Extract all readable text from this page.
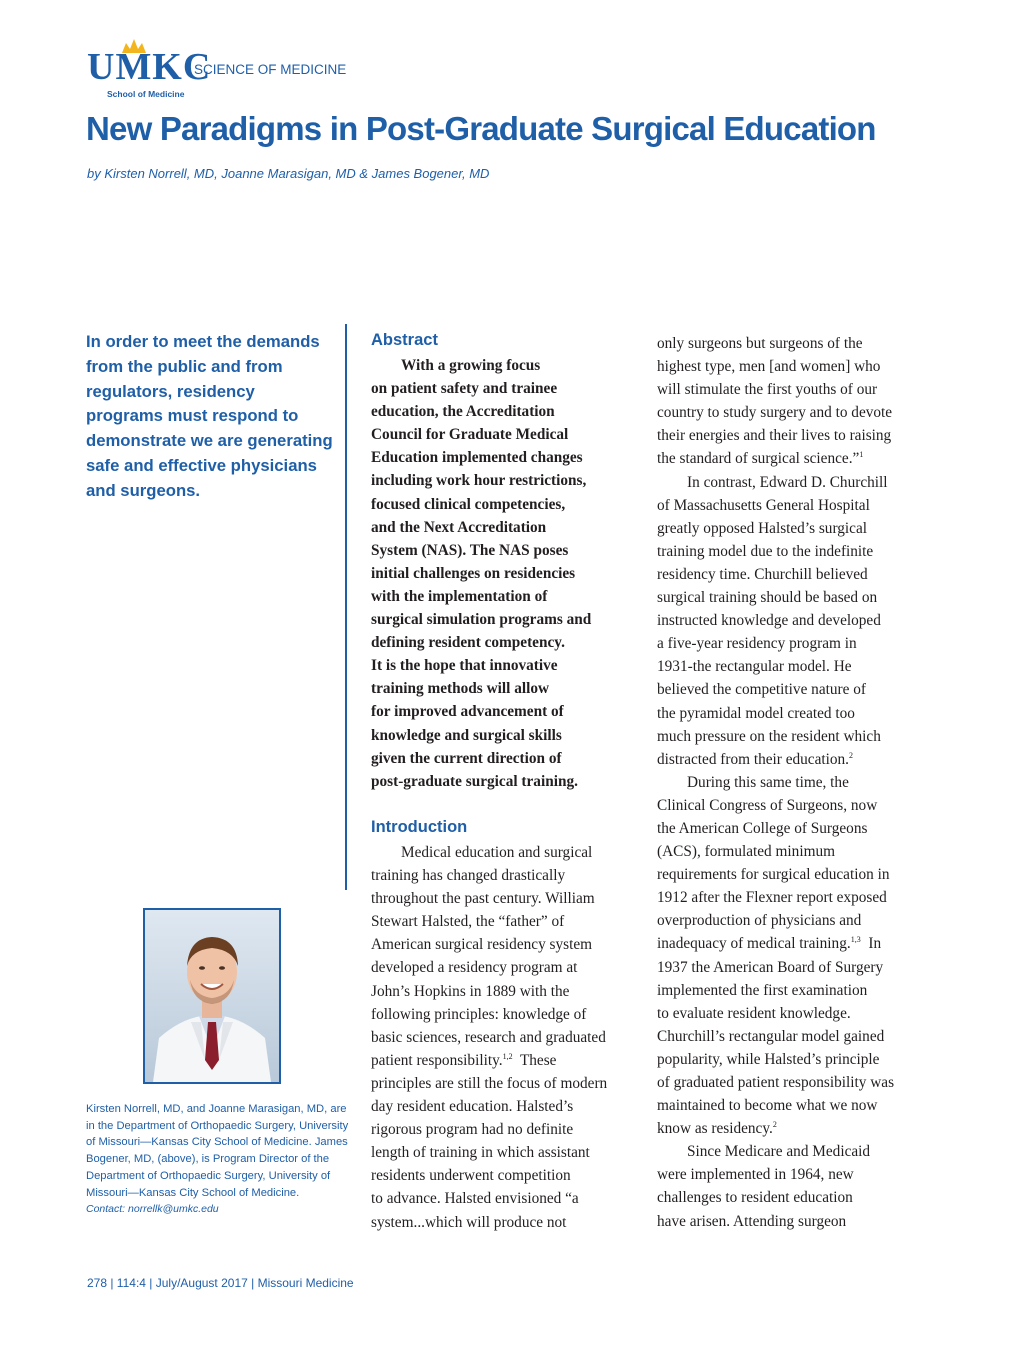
UMKC
School of Medicine
SCIENCE OF MEDICINE
New Paradigms in Post-Graduate Surgical Education
by Kirsten Norrell, MD, Joanne Marasigan, MD & James Bogener, MD
In order to meet the demands from the public and from regulators, residency programs must respond to demonstrate we are generating safe and effective physicians and surgeons.
Kirsten Norrell, MD, and Joanne Marasigan, MD, are in the Department of Orthopaedic Surgery, University of Missouri—Kansas City School of Medicine. James Bogener, MD, (above), is Program Director of the Department of Orthopaedic Surgery, University of Missouri—Kansas City School of Medicine.
Contact: norrellk@umkc.edu
Abstract
With a growing focus
on patient safety and trainee
education, the Accreditation
Council for Graduate Medical
Education implemented changes
including work hour restrictions,
focused clinical competencies,
and the Next Accreditation
System (NAS). The NAS poses
initial challenges on residencies
with the implementation of
surgical simulation programs and
defining resident competency.
It is the hope that innovative
training methods will allow
for improved advancement of
knowledge and surgical skills
given the current direction of
post-graduate surgical training.
Introduction
Medical education and surgical
training has changed drastically
throughout the past century. William
Stewart Halsted, the “father” of
American surgical residency system
developed a residency program at
John’s Hopkins in 1889 with the
following principles: knowledge of
basic sciences, research and graduated
patient responsibility.$^{1,2}$ These
principles are still the focus of modern
day resident education. Halsted’s
rigorous program had no definite
length of training in which assistant
residents underwent competition
to advance. Halsted envisioned “a
system...which will produce not
only surgeons but surgeons of the
highest type, men [and women] who
will stimulate the first youths of our
country to study surgery and to devote
their energies and their lives to raising
the standard of surgical science.”$^1$
In contrast, Edward D. Churchill
of Massachusetts General Hospital
greatly opposed Halsted’s surgical
training model due to the indefinite
residency time. Churchill believed
surgical training should be based on
instructed knowledge and developed
a five-year residency program in
1931-the rectangular model. He
believed the competitive nature of
the pyramidal model created too
much pressure on the resident which
distracted from their education.$^2$
During this same time, the
Clinical Congress of Surgeons, now
the American College of Surgeons
(ACS), formulated minimum
requirements for surgical education in
1912 after the Flexner report exposed
overproduction of physicians and
inadequacy of medical training.$^{1,3}$ In
1937 the American Board of Surgery
implemented the first examination
to evaluate resident knowledge.
Churchill’s rectangular model gained
popularity, while Halsted’s principle
of graduated patient responsibility was
maintained to become what we now
know as residency.$^2$
Since Medicare and Medicaid
were implemented in 1964, new
challenges to resident education
have arisen. Attending surgeon
278 | 114:4 | July/August 2017 | Missouri Medicine
